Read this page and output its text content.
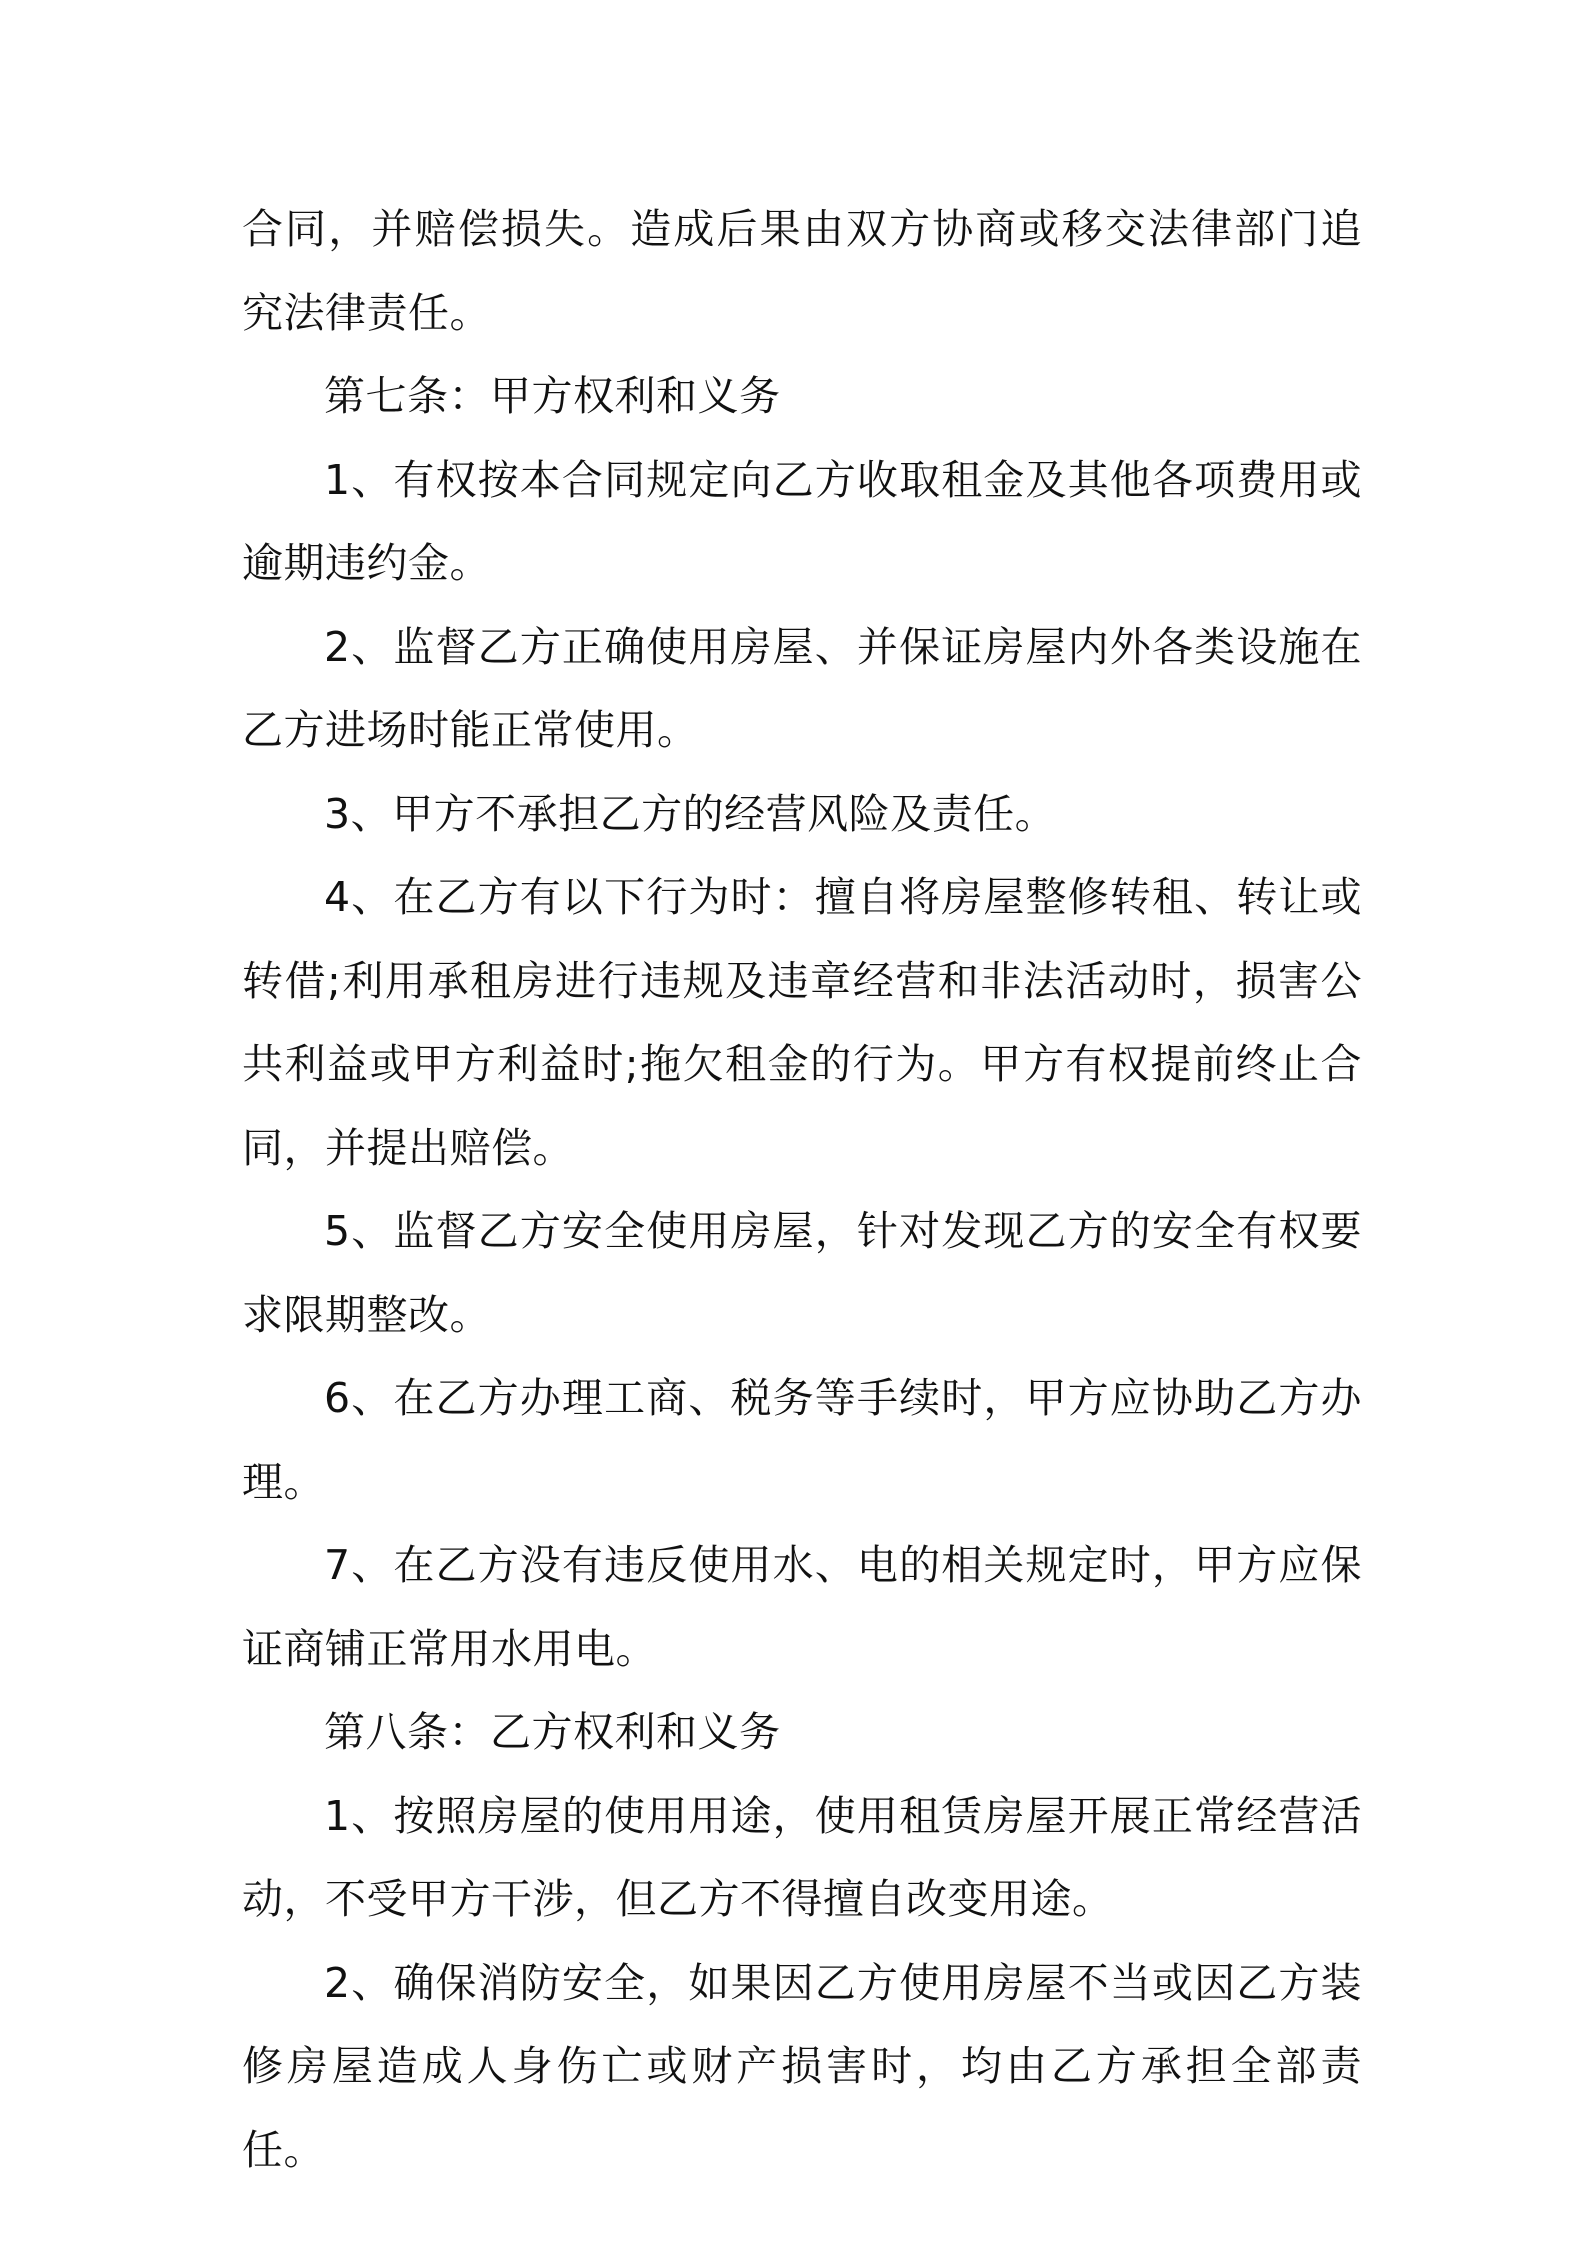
合同，并赔偿损失。造成后果由双方协商或移交法律部门追究法律责任。

第七条：甲方权利和义务

1、有权按本合同规定向乙方收取租金及其他各项费用或逾期违约金。

2、监督乙方正确使用房屋、并保证房屋内外各类设施在乙方进场时能正常使用。

3、甲方不承担乙方的经营风险及责任。

4、在乙方有以下行为时：擅自将房屋整修转租、转让或转借;利用承租房进行违规及违章经营和非法活动时，损害公共利益或甲方利益时;拖欠租金的行为。甲方有权提前终止合同，并提出赔偿。

5、监督乙方安全使用房屋，针对发现乙方的安全有权要求限期整改。

6、在乙方办理工商、税务等手续时，甲方应协助乙方办理。

7、在乙方没有违反使用水、电的相关规定时，甲方应保证商铺正常用水用电。

第八条：乙方权利和义务

1、按照房屋的使用用途，使用租赁房屋开展正常经营活动，不受甲方干涉，但乙方不得擅自改变用途。

2、确保消防安全，如果因乙方使用房屋不当或因乙方装修房屋造成人身伤亡或财产损害时，均由乙方承担全部责任。
